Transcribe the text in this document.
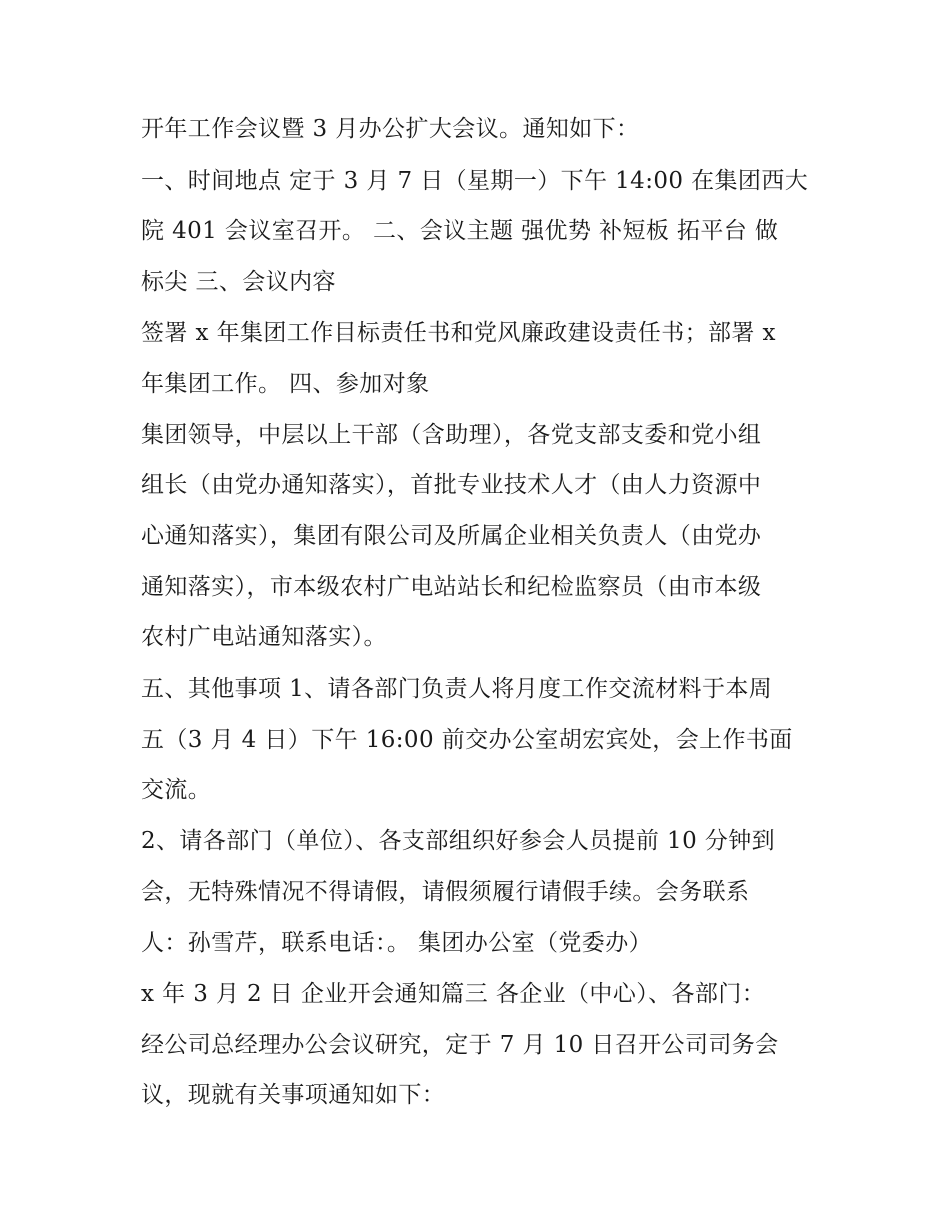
开年工作会议暨 3 月办公扩大会议。通知如下：
一、时间地点 定于 3 月 7 日（星期一）下午 14:00 在集团西大
院 401 会议室召开。 二、会议主题 强优势 补短板 拓平台 做
标尖 三、会议内容
签署 x 年集团工作目标责任书和党风廉政建设责任书；部署 x
年集团工作。 四、参加对象
集团领导，中层以上干部（含助理），各党支部支委和党小组
组长（由党办通知落实），首批专业技术人才（由人力资源中
心通知落实），集团有限公司及所属企业相关负责人（由党办
通知落实），市本级农村广电站站长和纪检监察员（由市本级
农村广电站通知落实）。
五、其他事项 1、请各部门负责人将月度工作交流材料于本周
五（3 月 4 日）下午 16:00 前交办公室胡宏宾处，会上作书面
交流。
2、请各部门（单位）、各支部组织好参会人员提前 10 分钟到
会，无特殊情况不得请假，请假须履行请假手续。会务联系
人：孙雪芹，联系电话：。 集团办公室（党委办）
x 年 3 月 2 日 企业开会通知篇三 各企业（中心）、各部门：
经公司总经理办公会议研究，定于 7 月 10 日召开公司司务会
议，现就有关事项通知如下：
